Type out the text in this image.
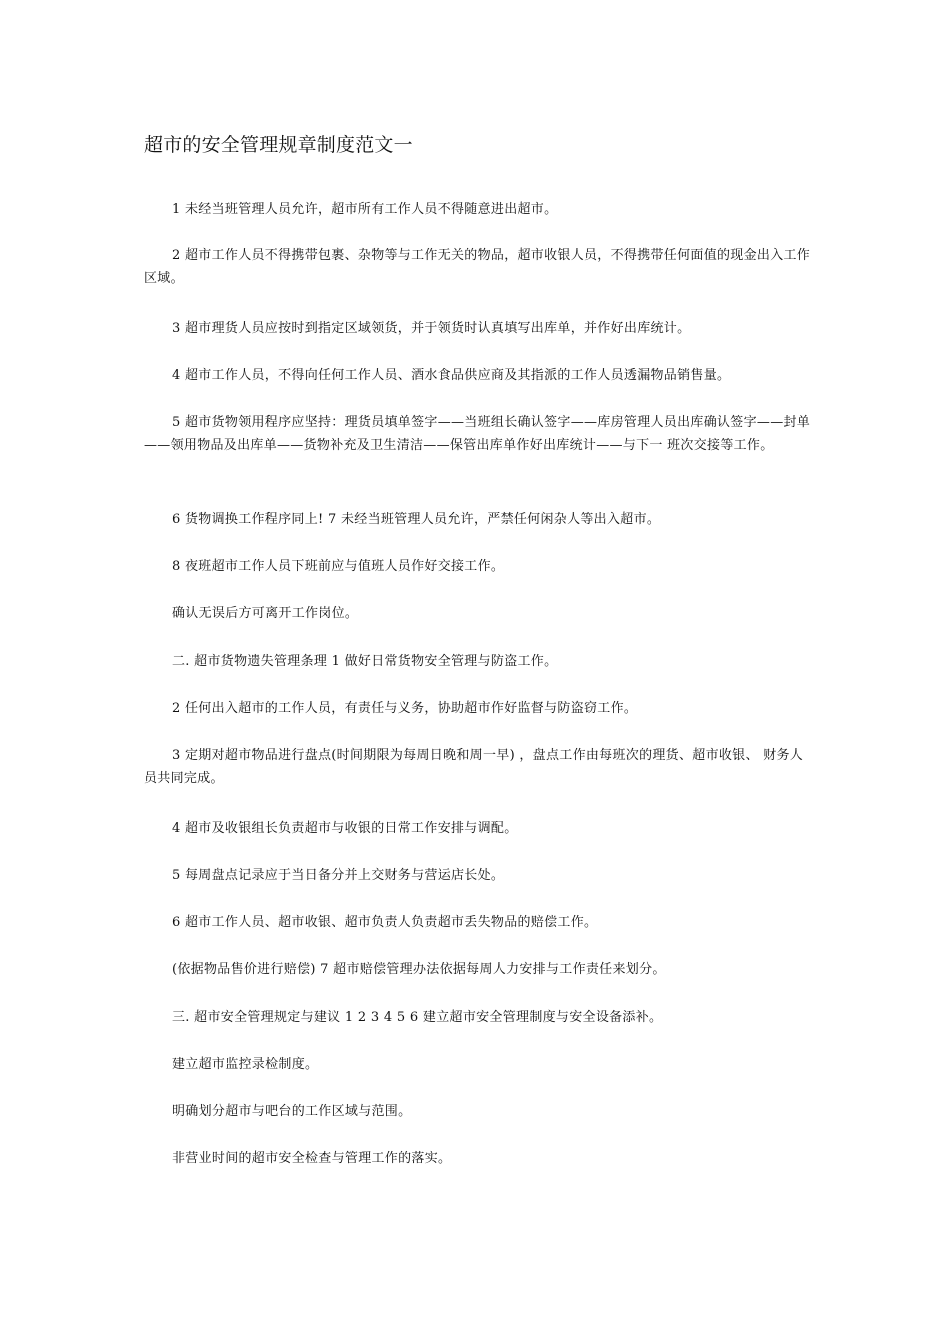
超市的安全管理规章制度范文一

1 未经当班管理人员允许，超市所有工作人员不得随意进出超市。

2 超市工作人员不得携带包裹、杂物等与工作无关的物品，超市收银人员，不得携带任何面值的现金出入工作区域。

3 超市理货人员应按时到指定区域领货，并于领货时认真填写出库单，并作好出库统计。

4 超市工作人员，不得向任何工作人员、酒水食品供应商及其指派的工作人员透漏物品销售量。

5 超市货物领用程序应坚持：理货员填单签字——当班组长确认签字——库房管理人员出库确认签字——封单——领用物品及出库单——货物补充及卫生清洁——保管出库单作好出库统计——与下一 班次交接等工作。

6 货物调换工作程序同上! 7 未经当班管理人员允许，严禁任何闲杂人等出入超市。

8 夜班超市工作人员下班前应与值班人员作好交接工作。

确认无误后方可离开工作岗位。

二. 超市货物遗失管理条理 1 做好日常货物安全管理与防盗工作。

2 任何出入超市的工作人员，有责任与义务，协助超市作好监督与防盗窃工作。

3 定期对超市物品进行盘点(时间期限为每周日晚和周一早) ，盘点工作由每班次的理货、超市收银、 财务人员共同完成。

4 超市及收银组长负责超市与收银的日常工作安排与调配。

5 每周盘点记录应于当日备分并上交财务与营运店长处。

6 超市工作人员、超市收银、超市负责人负责超市丢失物品的赔偿工作。

(依据物品售价进行赔偿) 7 超市赔偿管理办法依据每周人力安排与工作责任来划分。

三. 超市安全管理规定与建议 1 2 3 4 5 6 建立超市安全管理制度与安全设备添补。

建立超市监控录检制度。

明确划分超市与吧台的工作区域与范围。

非营业时间的超市安全检查与管理工作的落实。
